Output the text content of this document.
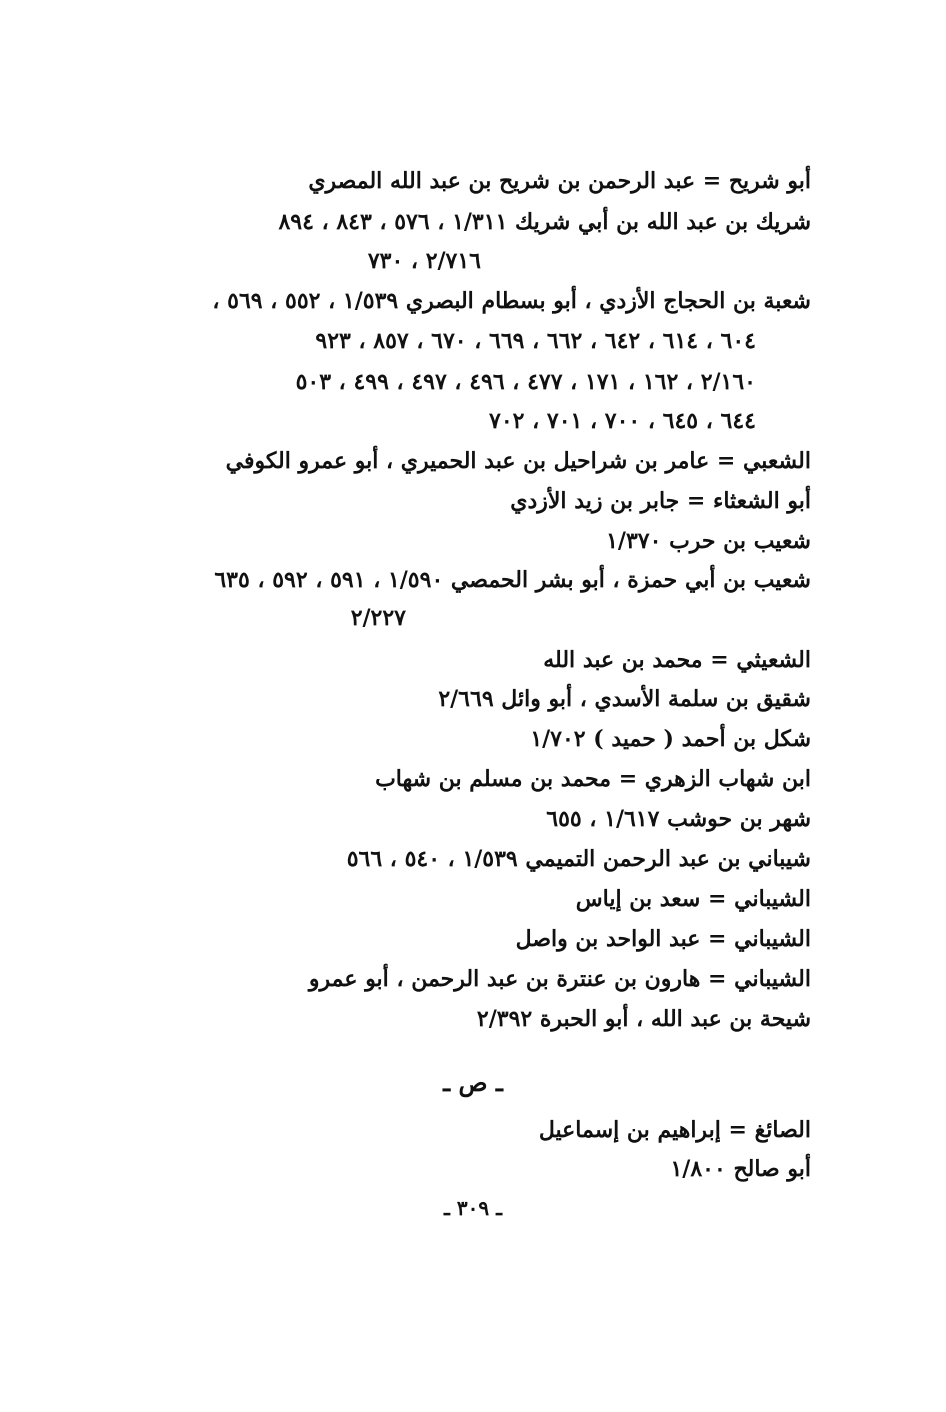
أبو شريح = عبد الرحمن بن شريح بن عبد الله المصري
شريك بن عبد الله بن أبي شريك ١/٣١١ ، ٥٧٦ ، ٨٤٣ ، ٨٩٤
٢/٧١٦ ، ٧٣٠
شعبة بن الحجاج الأزدي ، أبو بسطام البصري ١/٥٣٩ ، ٥٥٢ ، ٥٦٩ ،
٦٠٤ ، ٦١٤ ، ٦٤٢ ، ٦٦٢ ، ٦٦٩ ، ٦٧٠ ، ٨٥٧ ، ٩٢٣
٢/١٦٠ ، ١٦٢ ، ١٧١ ، ٤٧٧ ، ٤٩٦ ، ٤٩٧ ، ٤٩٩ ، ٥٠٣
٦٤٤ ، ٦٤٥ ، ٧٠٠ ، ٧٠١ ، ٧٠٢
الشعبي = عامر بن شراحيل بن عبد الحميري ، أبو عمرو الكوفي
أبو الشعثاء = جابر بن زيد الأزدي
شعيب بن حرب ١/٣٧٠
شعيب بن أبي حمزة ، أبو بشر الحمصي ١/٥٩٠ ، ٥٩١ ، ٥٩٢ ، ٦٣٥
٢/٢٢٧
الشعيثي = محمد بن عبد الله
شقيق بن سلمة الأسدي ، أبو وائل ٢/٦٦٩
شكل بن أحمد ( حميد ) ١/٧٠٢
ابن شهاب الزهري = محمد بن مسلم بن شهاب
شهر بن حوشب ١/٦١٧ ، ٦٥٥
شيباني بن عبد الرحمن التميمي ١/٥٣٩ ، ٥٤٠ ، ٥٦٦
الشيباني = سعد بن إياس
الشيباني = عبد الواحد بن واصل
الشيباني = هارون بن عنترة بن عبد الرحمن ، أبو عمرو
شيحة بن عبد الله ، أبو الحبرة ٢/٣٩٢
ـ ص ـ
الصائغ = إبراهيم بن إسماعيل
أبو صالح ١/٨٠٠
ـ ٣٠٩ ـ
